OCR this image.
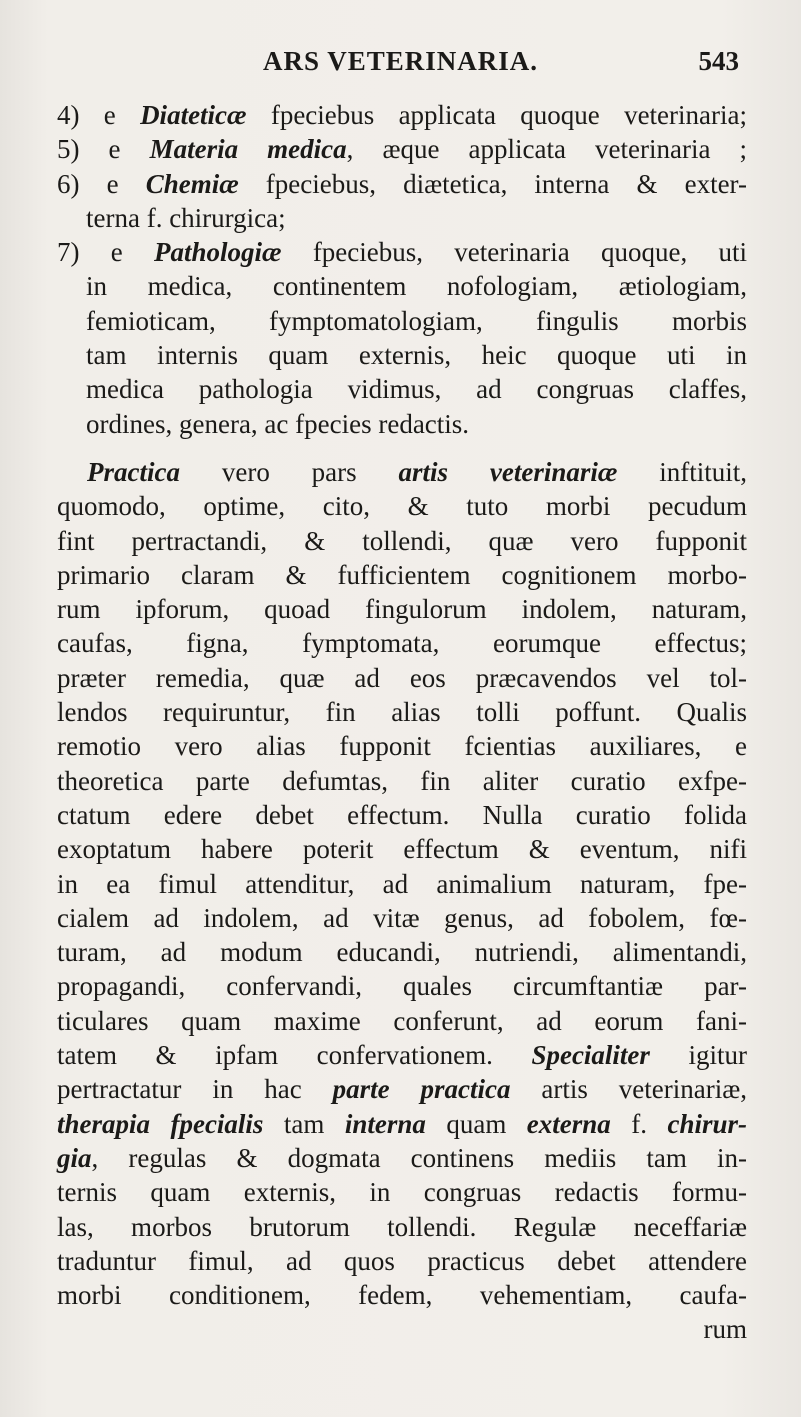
ARS VETERINARIA.	543
4) e Diateticæ fpeciebus applicata quoque veterinaria;
5) e Materia medica, æque applicata veterinaria ;
6) e Chemiæ fpeciebus, diætetica, interna & exter-
terna f. chirurgica;
7) e Pathologiæ fpeciebus, veterinaria quoque, uti
in medica, continentem nofologiam, ætiologiam,
femioticam, fymptomatologiam, fingulis morbis
tam internis quam externis, heic quoque uti in
medica pathologia vidimus, ad congruas claffes,
ordines, genera, ac fpecies redactis.
Practica vero pars artis veterinariæ inftituit,
quomodo, optime, cito, & tuto morbi pecudum
fint pertractandi, & tollendi, quæ vero fupponit
primario claram & fufficientem cognitionem morbo-
rum ipforum, quoad fingulorum indolem, naturam,
caufas, figna, fymptomata, eorumque effectus;
præter remedia, quæ ad eos præcavendos vel tol-
lendos requiruntur, fin alias tolli poffunt. Qualis
remotio vero alias fupponit fcientias auxiliares, e
theoretica parte defumtas, fin aliter curatio exfpe-
ctatum edere debet effectum. Nulla curatio folida
exoptatum habere poterit effectum & eventum, nifi
in ea fimul attenditur, ad animalium naturam, fpe-
cialem ad indolem, ad vitæ genus, ad fobolem, fœ-
turam, ad modum educandi, nutriendi, alimentandi,
propagandi, confervandi, quales circumftantiæ par-
ticulares quam maxime conferunt, ad eorum fani-
tatem & ipfam confervationem. Specialiter igitur
pertractatur in hac parte practica artis veterinariæ,
therapia fpecialis tam interna quam externa f. chirur-
gia, regulas & dogmata continens mediis tam in-
ternis quam externis, in congruas redactis formu-
las, morbos brutorum tollendi. Regulæ neceffariæ
traduntur fimul, ad quos practicus debet attendere
morbi conditionem, fedem, vehementiam, caufa-
rum
